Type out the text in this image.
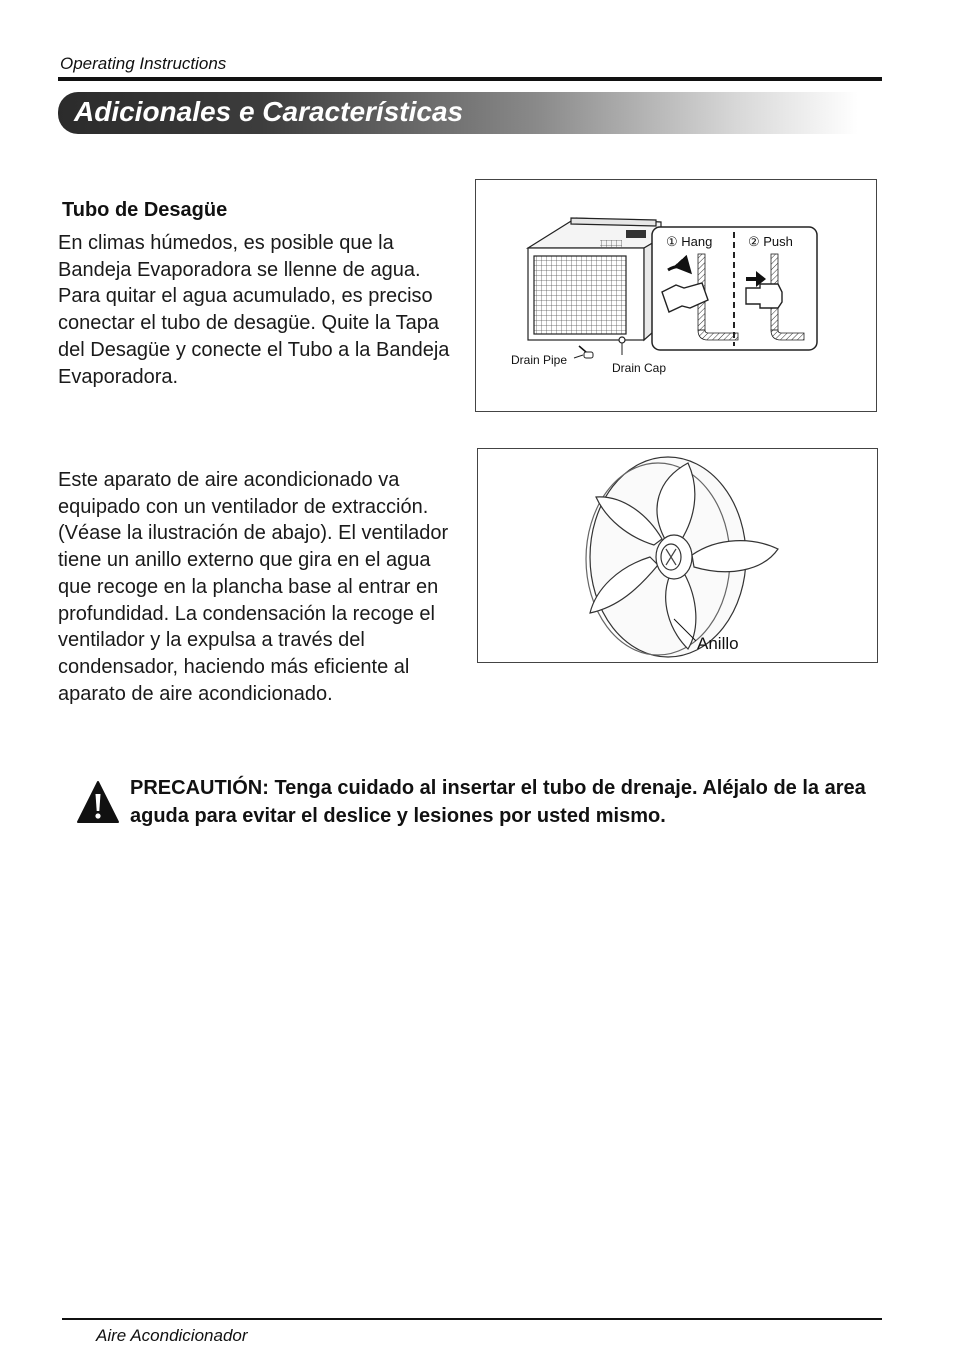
Operating Instructions
Adicionales e Características
Tubo de Desagüe
En climas húmedos, es posible que la Bandeja Evaporadora se llenne de agua. Para quitar el agua acumulado, es preciso conectar el tubo de desagüe. Quite la Tapa del Desagüe y conecte el Tubo a la Bandeja Evaporadora.
① Hang	② Push
Drain Pipe
Drain Cap
Este aparato de aire acondicionado va equipado con un ventilador de extracción. (Véase la ilustración de abajo). El ventilador tiene un anillo externo que gira en el agua que recoge en la plancha base al entrar en profundidad. La condensación la recoge el ventilador y la expulsa a través del condensador, haciendo más eficiente al aparato de aire acondicionado.
Anillo
PRECAUTIÓN: Tenga cuidado al insertar el tubo de drenaje. Aléjalo de la area aguda para evitar el deslice y lesiones por usted mismo.
Aire Acondicionador
